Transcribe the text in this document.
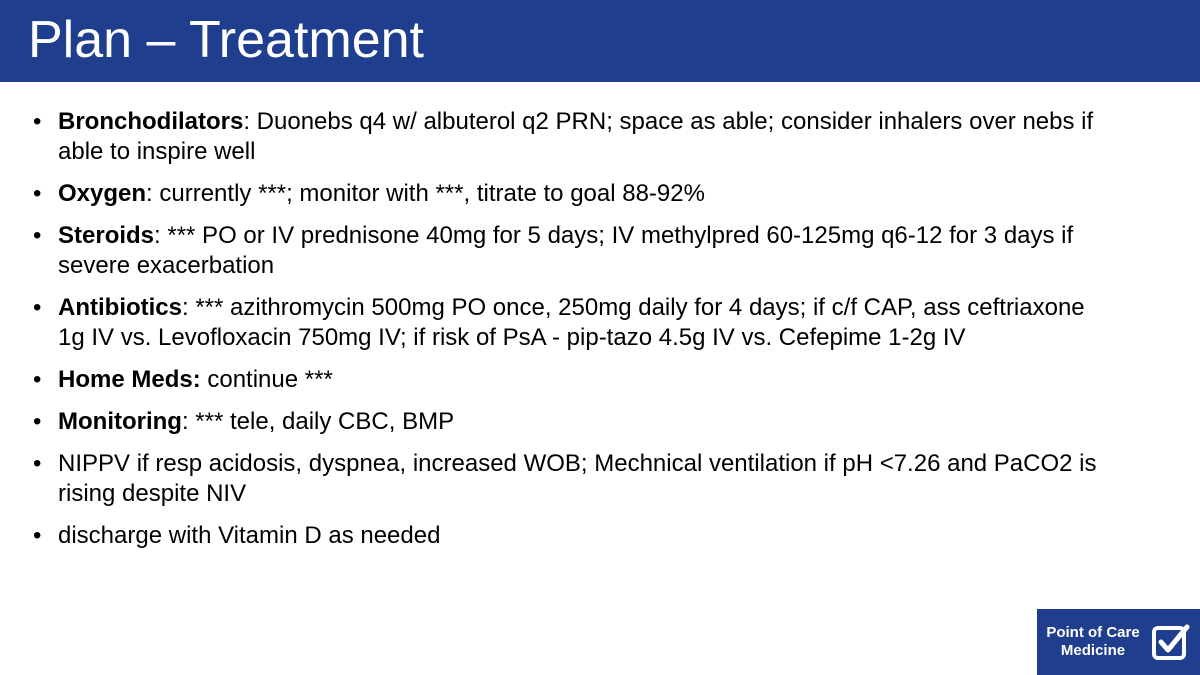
Plan – Treatment
• Bronchodilators: Duonebs q4 w/ albuterol q2 PRN; space as able; consider inhalers over nebs if able to inspire well
• Oxygen: currently ***; monitor with ***, titrate to goal 88-92%
• Steroids: *** PO or IV prednisone 40mg for 5 days; IV methylpred 60-125mg q6-12 for 3 days if severe exacerbation
• Antibiotics: *** azithromycin 500mg PO once, 250mg daily for 4 days; if c/f CAP, ass ceftriaxone 1g IV vs. Levofloxacin 750mg IV; if risk of PsA - pip-tazo 4.5g IV vs. Cefepime 1-2g IV
• Home Meds: continue ***
• Monitoring: *** tele, daily CBC, BMP
• NIPPV if resp acidosis, dyspnea, increased WOB; Mechnical ventilation if pH <7.26 and PaCO2 is rising despite NIV
• discharge with Vitamin D as needed
Point of Care
Medicine
